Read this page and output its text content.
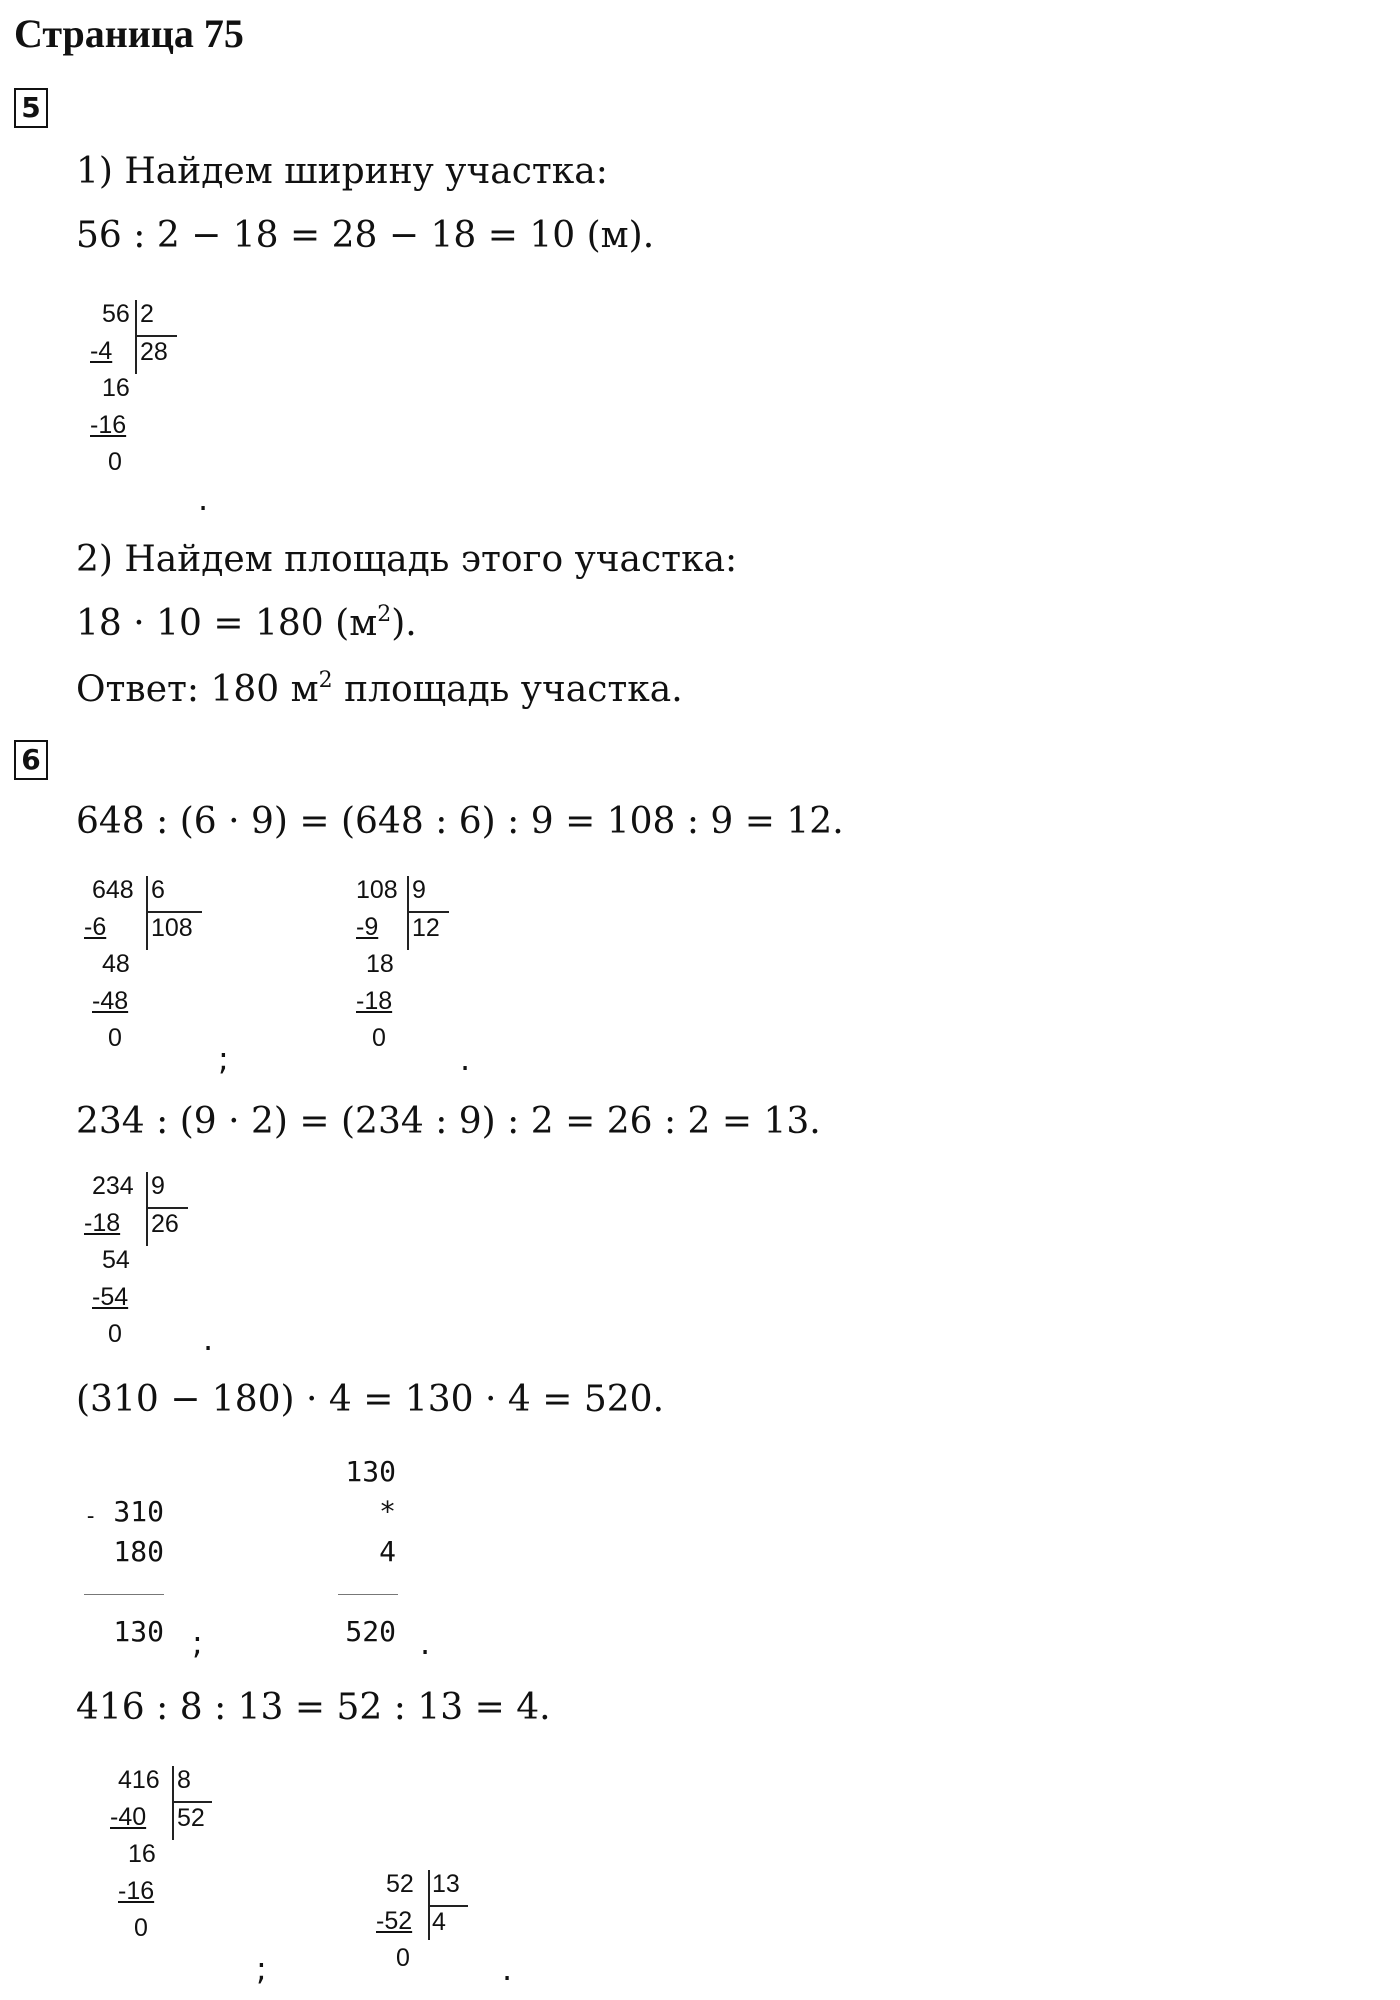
Страница 75
5
1) Найдем ширину участка:
56 : 2 − 18 = 28 − 18 = 10 (м).
56
-4
16
-16
0
2
28
.
2) Найдем площадь этого участка:
18 · 10 = 180 $(м^2)$.
Ответ: 180 $м^2$ площадь участка.
6
648 : (6 · 9) = (648 : 6) : 9 = 108 : 9 = 12.
648
-6
48
-48
0
6
108
;
108
-9
18
-18
0
9
12
.
234 : (9 · 2) = (234 : 9) : 2 = 26 : 2 = 13.
234
-18
54
-54
0
9
26
.
(310 − 180) · 4 = 130 · 4 = 520.
- 310
180
130 ;
130
*
4
520 .
416 : 8 : 13 = 52 : 13 = 4.
416
-40
16
-16
0
8
52
;
52
-52
0
13
4
.
